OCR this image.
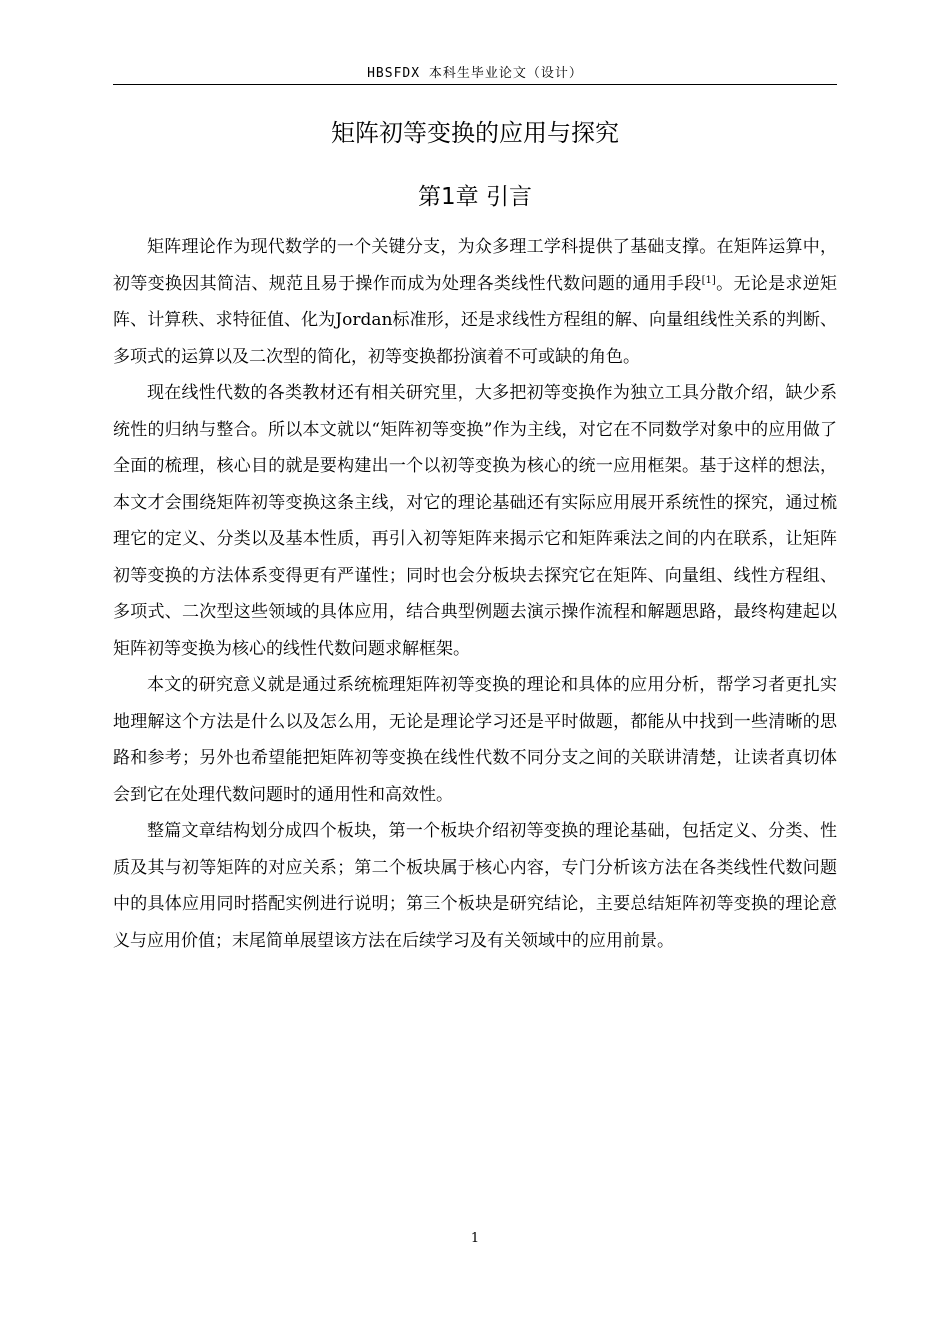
HBSFDX 本科生毕业论文（设计）
矩阵初等变换的应用与探究
第1章 引言

矩阵理论作为现代数学的一个关键分支，为众多理工学科提供了基础支撑。在矩阵运算中，初等变换因其简洁、规范且易于操作而成为处理各类线性代数问题的通用手段[1]。无论是求逆矩阵、计算秩、求特征值、化为Jordan标准形，还是求线性方程组的解、向量组线性关系的判断、多项式的运算以及二次型的简化，初等变换都扮演着不可或缺的角色。

现在线性代数的各类教材还有相关研究里，大多把初等变换作为独立工具分散介绍，缺少系统性的归纳与整合。所以本文就以“矩阵初等变换”作为主线，对它在不同数学对象中的应用做了全面的梳理，核心目的就是要构建出一个以初等变换为核心的统一应用框架。基于这样的想法，本文才会围绕矩阵初等变换这条主线，对它的理论基础还有实际应用展开系统性的探究，通过梳理它的定义、分类以及基本性质，再引入初等矩阵来揭示它和矩阵乘法之间的内在联系，让矩阵初等变换的方法体系变得更有严谨性；同时也会分板块去探究它在矩阵、向量组、线性方程组、多项式、二次型这些领域的具体应用，结合典型例题去演示操作流程和解题思路，最终构建起以矩阵初等变换为核心的线性代数问题求解框架。

本文的研究意义就是通过系统梳理矩阵初等变换的理论和具体的应用分析，帮学习者更扎实地理解这个方法是什么以及怎么用，无论是理论学习还是平时做题，都能从中找到一些清晰的思路和参考；另外也希望能把矩阵初等变换在线性代数不同分支之间的关联讲清楚，让读者真切体会到它在处理代数问题时的通用性和高效性。

整篇文章结构划分成四个板块，第一个板块介绍初等变换的理论基础，包括定义、分类、性质及其与初等矩阵的对应关系；第二个板块属于核心内容，专门分析该方法在各类线性代数问题中的具体应用同时搭配实例进行说明；第三个板块是研究结论，主要总结矩阵初等变换的理论意义与应用价值；末尾简单展望该方法在后续学习及有关领域中的应用前景。

1
